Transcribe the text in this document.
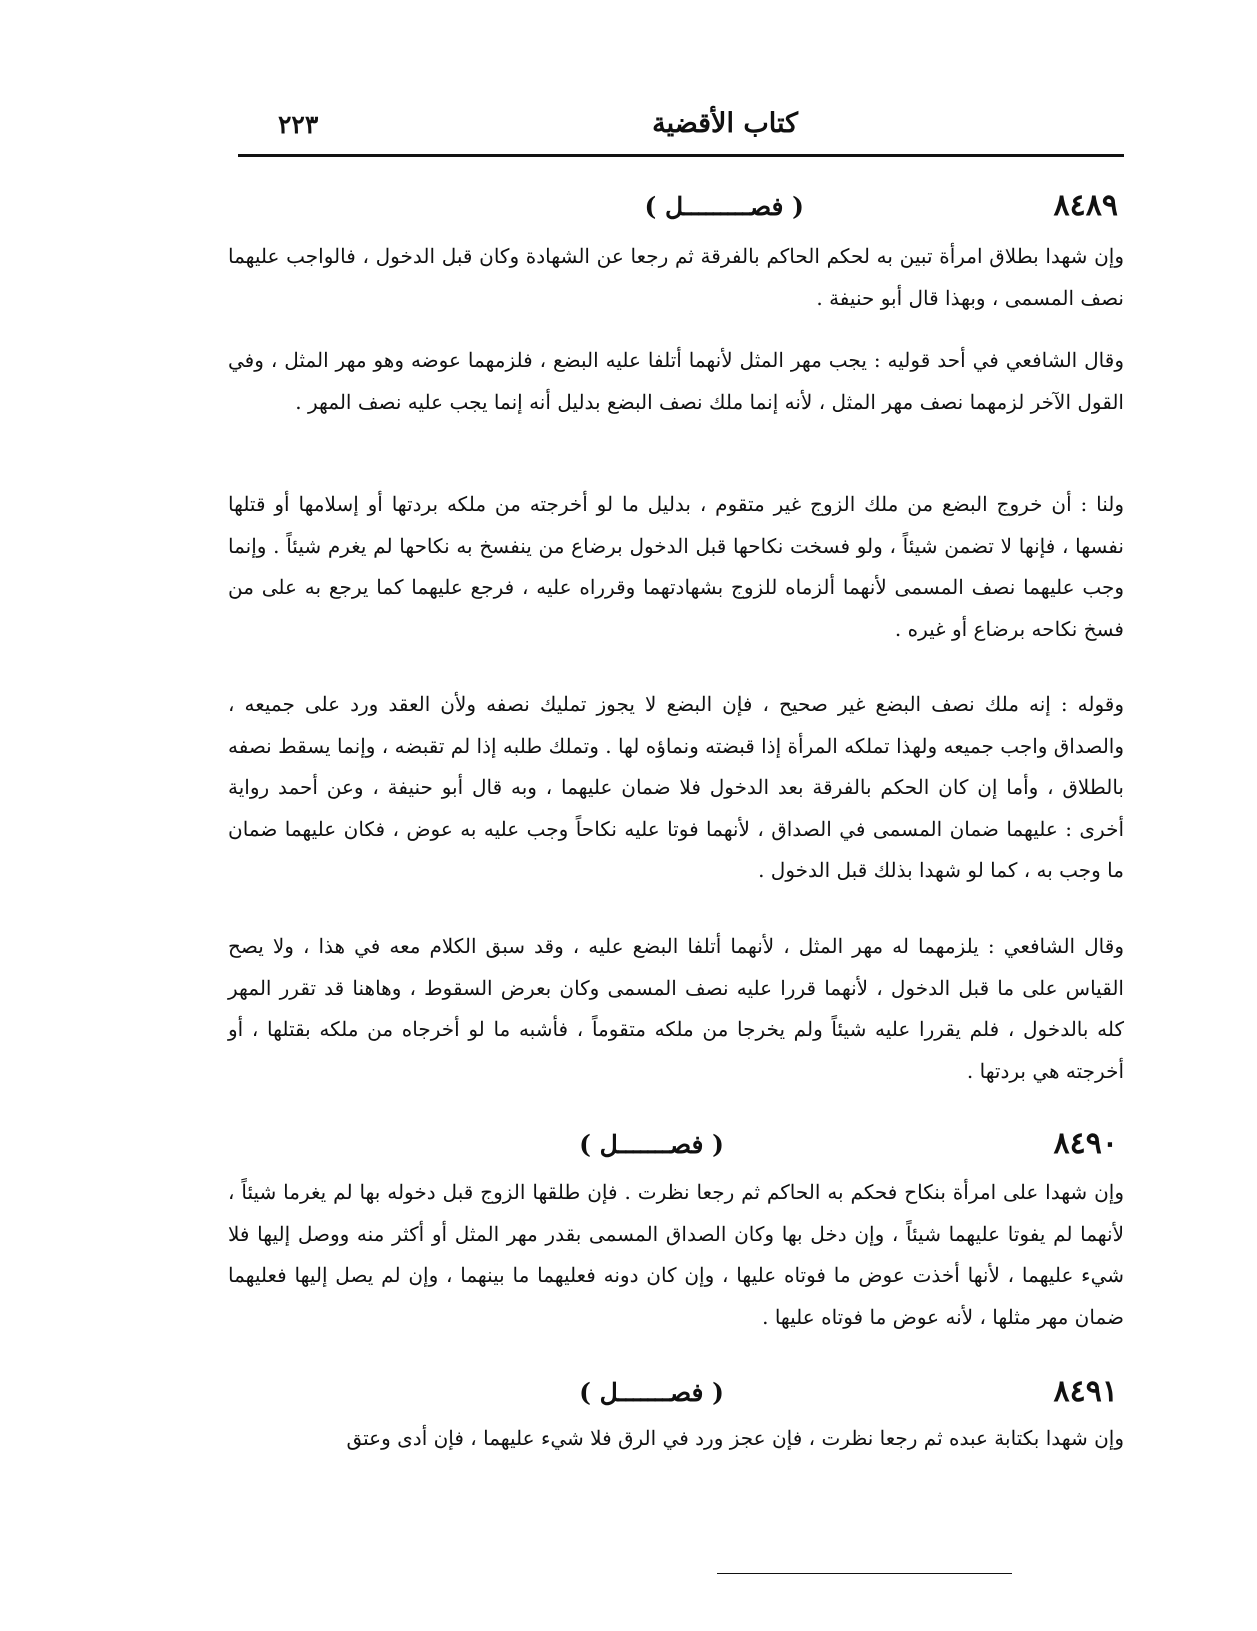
كتاب الأقضية
٢٢٣
٨٤٨٩
( فصـــــــــل )

وإن شهدا بطلاق امرأة تبين به لحكم الحاكم بالفرقة ثم رجعا عن الشهادة وكان قبل الدخول ، فالواجب عليهما نصف المسمى ، وبهذا قال أبو حنيفة .

وقال الشافعي في أحد قوليه : يجب مهر المثل لأنهما أتلفا عليه البضع ، فلزمهما عوضه وهو مهر المثل ، وفي القول الآخر لزمهما نصف مهر المثل ، لأنه إنما ملك نصف البضع بدليل أنه إنما يجب عليه نصف المهر .

ولنا : أن خروج البضع من ملك الزوج غير متقوم ، بدليل ما لو أخرجته من ملكه بردتها أو إسلامها أو قتلها نفسها ، فإنها لا تضمن شيئاً ، ولو فسخت نكاحها قبل الدخول برضاع من ينفسخ به نكاحها لم يغرم شيئاً . وإنما وجب عليهما نصف المسمى لأنهما ألزماه للزوج بشهادتهما وقرراه عليه ، فرجع عليهما كما يرجع به على من فسخ نكاحه برضاع أو غيره .

وقوله : إنه ملك نصف البضع غير صحيح ، فإن البضع لا يجوز تمليك نصفه ولأن العقد ورد على جميعه ، والصداق واجب جميعه ولهذا تملكه المرأة إذا قبضته ونماؤه لها . وتملك طلبه إذا لم تقبضه ، وإنما يسقط نصفه بالطلاق ، وأما إن كان الحكم بالفرقة بعد الدخول فلا ضمان عليهما ، وبه قال أبو حنيفة ، وعن أحمد رواية أخرى : عليهما ضمان المسمى في الصداق ، لأنهما فوتا عليه نكاحاً وجب عليه به عوض ، فكان عليهما ضمان ما وجب به ، كما لو شهدا بذلك قبل الدخول .

وقال الشافعي : يلزمهما له مهر المثل ، لأنهما أتلفا البضع عليه ، وقد سبق الكلام معه في هذا ، ولا يصح القياس على ما قبل الدخول ، لأنهما قررا عليه نصف المسمى وكان بعرض السقوط ، وهاهنا قد تقرر المهر كله بالدخول ، فلم يقررا عليه شيئاً ولم يخرجا من ملكه متقوماً ، فأشبه ما لو أخرجاه من ملكه بقتلها ، أو أخرجته هي بردتها .

٨٤٩٠
( فصـــــــل )

وإن شهدا على امرأة بنكاح فحكم به الحاكم ثم رجعا نظرت . فإن طلقها الزوج قبل دخوله بها لم يغرما شيئاً ، لأنهما لم يفوتا عليهما شيئاً ، وإن دخل بها وكان الصداق المسمى بقدر مهر المثل أو أكثر منه ووصل إليها فلا شيء عليهما ، لأنها أخذت عوض ما فوتاه عليها ، وإن كان دونه فعليهما ما بينهما ، وإن لم يصل إليها فعليهما ضمان مهر مثلها ، لأنه عوض ما فوتاه عليها .

٨٤٩١
( فصـــــــل )

وإن شهدا بكتابة عبده ثم رجعا نظرت ، فإن عجز ورد في الرق فلا شيء عليهما ، فإن أدى وعتق
